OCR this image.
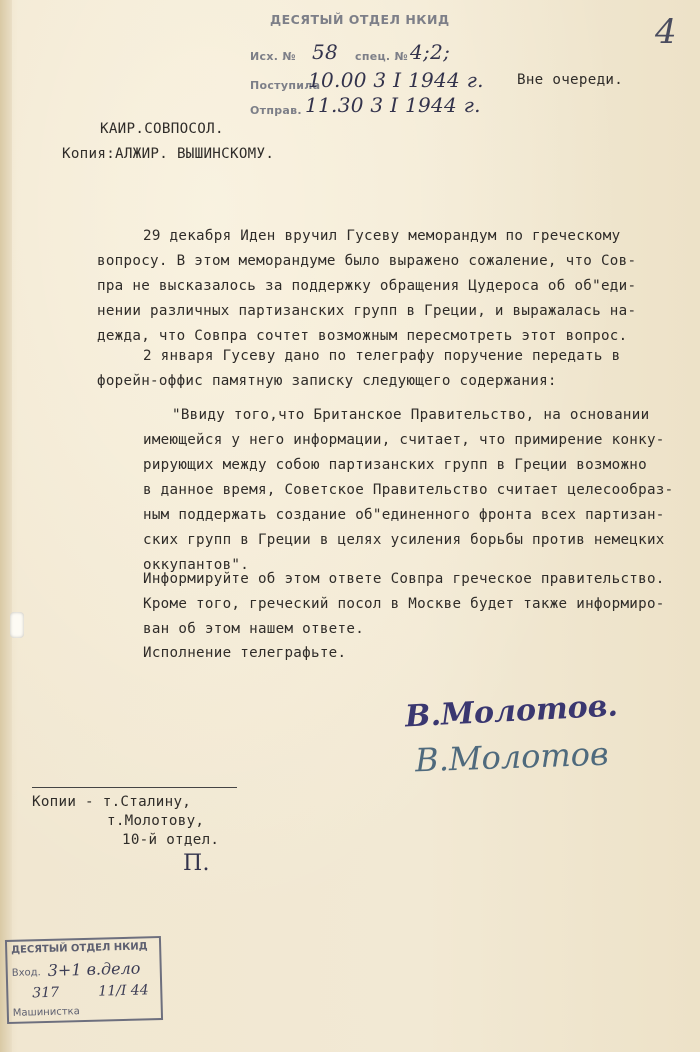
4
ДЕСЯТЫЙ ОТДЕЛ НКИД
Исх. № 58 спец. № 4;2;
Поступила
10.00 3 I 1944 г.
Отправ. 11.30 3 I 1944 г.
Вне очереди.
КАИР.СОВПОСОЛ.
Копия:АЛЖИР. ВЫШИНСКОМУ.
29 декабря Иден вручил Гусеву меморандум по греческому
вопросу. В этом меморандуме было выражено сожаление, что Сов-
пра не высказалось за поддержку обращения Цудероса об об"еди-
нении различных партизанских групп в Греции, и выражалась на-
дежда, что Совпра сочтет возможным пересмотреть этот вопрос.
2 января Гусеву дано по телеграфу поручение передать в
форейн-оффис памятную записку следующего содержания:
"Ввиду того,что Британское Правительство, на основании
имеющейся у него информации, считает, что примирение конку-
рирующих между собою партизанских групп в Греции возможно
в данное время, Советское Правительство считает целесообраз-
ным поддержать создание об"единенного фронта всех партизан-
ских групп в Греции в целях усиления борьбы против немецких
оккупантов".
Информируйте об этом ответе Совпра греческое правительство.
Кроме того, греческий посол в Москве будет также информиро-
ван об этом нашем ответе.
Исполнение телеграфьте.
В.Молотов.
В.Молотов
Копии - т.Сталину,
т.Молотову,
10-й отдел.
П.
ДЕСЯТЫЙ ОТДЕЛ НКИД
Вход. 3+1 в.дело
317	11/I 44
Машинистка
